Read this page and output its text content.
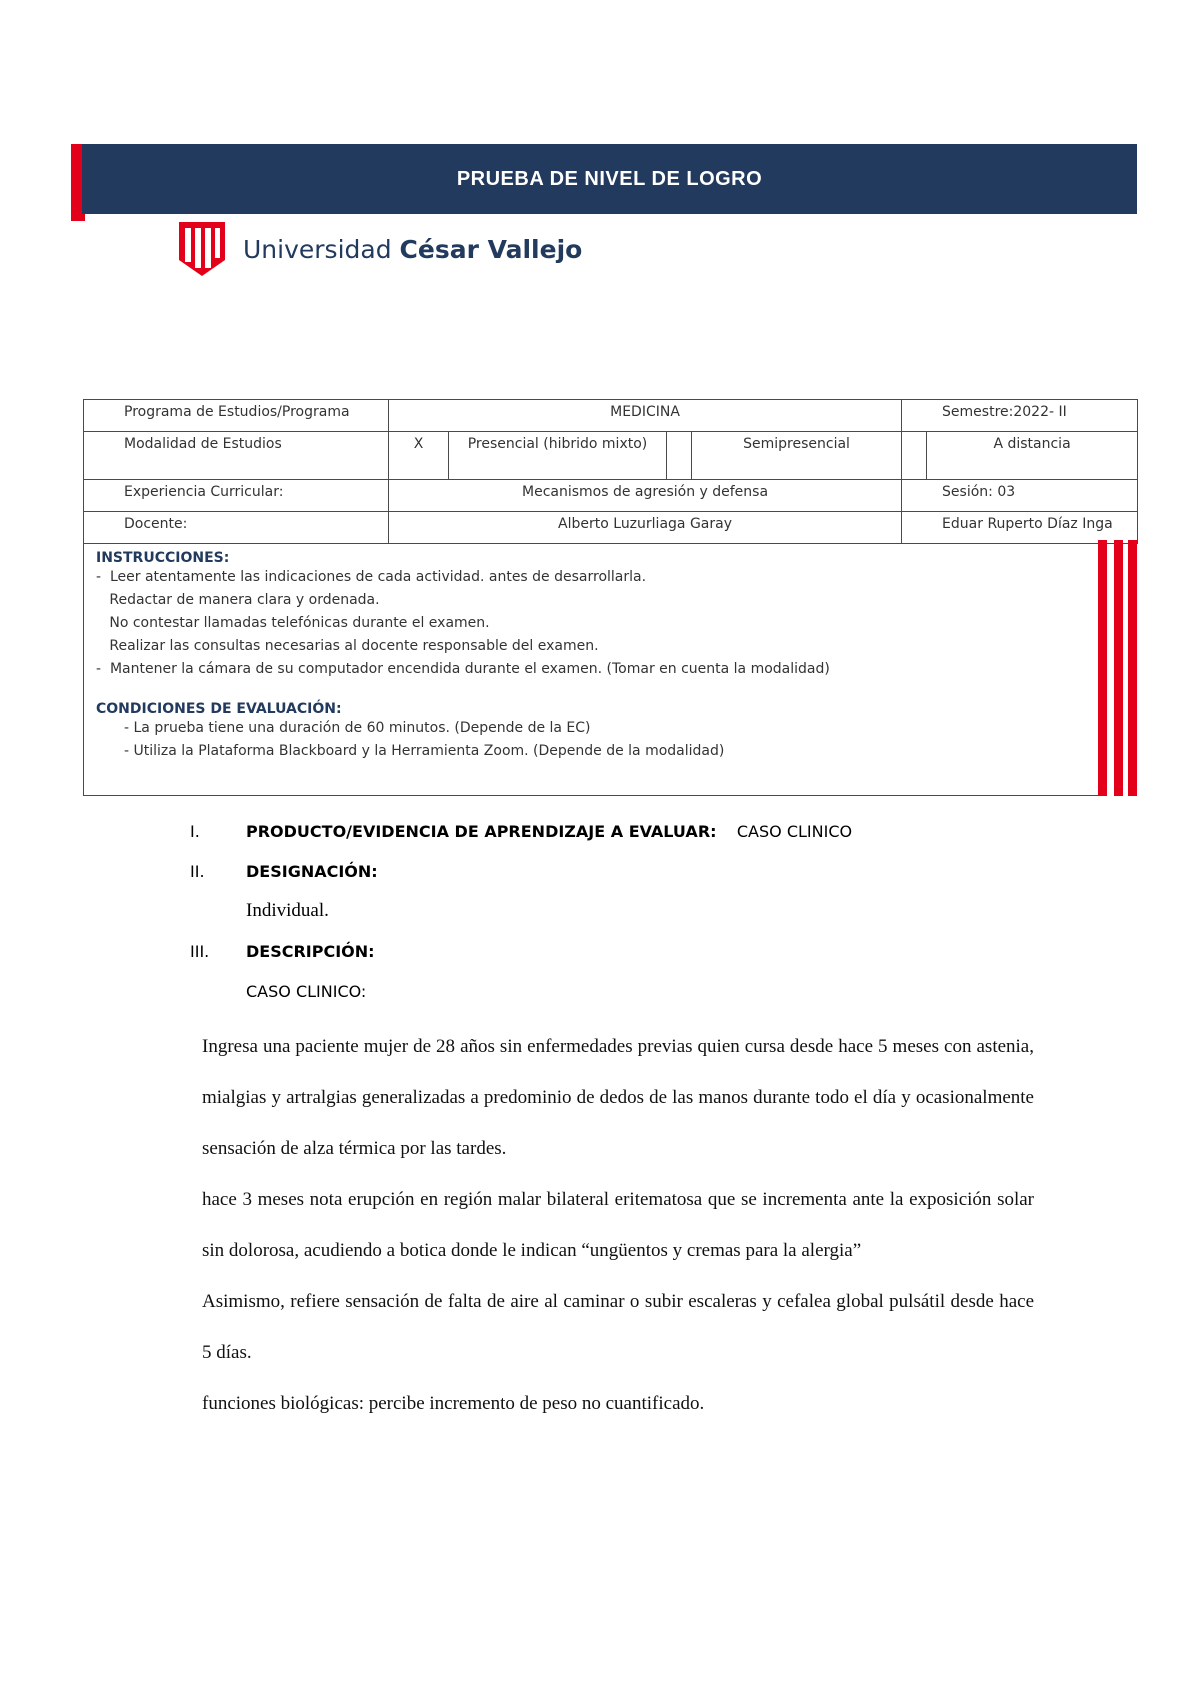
PRUEBA DE NIVEL DE LOGRO
Universidad César Vallejo
Programa de Estudios/Programa	MEDICINA				Semestre:2022- II	
Modalidad de Estudios	X	Presencial (hibrido mixto)		Semipresencial		A distancia
Experiencia Curricular:	Mecanismos de agresión y defensa				Sesión: 03	
Docente:	Alberto Luzurliaga Garay				Eduar Ruperto Díaz Inga	
INSTRUCCIONES:
-  Leer atentamente las indicaciones de cada actividad. antes de desarrollarla.
Redactar de manera clara y ordenada.
No contestar llamadas telefónicas durante el examen.
Realizar las consultas necesarias al docente responsable del examen.
-  Mantener la cámara de su computador encendida durante el examen. (Tomar en cuenta la modalidad)
CONDICIONES DE EVALUACIÓN:
- La prueba tiene una duración de 60 minutos. (Depende de la EC)
- Utiliza la Plataforma Blackboard y la Herramienta Zoom. (Depende de la modalidad)
I.	PRODUCTO/EVIDENCIA DE APRENDIZAJE A EVALUAR: CASO CLINICO
II.	DESIGNACIÓN:
Individual.
III.	DESCRIPCIÓN:
CASO CLINICO:

Ingresa una paciente mujer de 28 años sin enfermedades previas quien cursa desde hace 5 meses con astenia, mialgias y artralgias generalizadas a predominio de dedos de las manos durante todo el día y ocasionalmente sensación de alza térmica por las tardes.

hace 3 meses nota erupción en región malar bilateral eritematosa que se incrementa ante la exposición solar sin dolorosa, acudiendo a botica donde le indican “ungüentos y cremas para la alergia”

Asimismo, refiere sensación de falta de aire al caminar o subir escaleras y cefalea global pulsátil desde hace 5 días.

funciones biológicas: percibe incremento de peso no cuantificado.
